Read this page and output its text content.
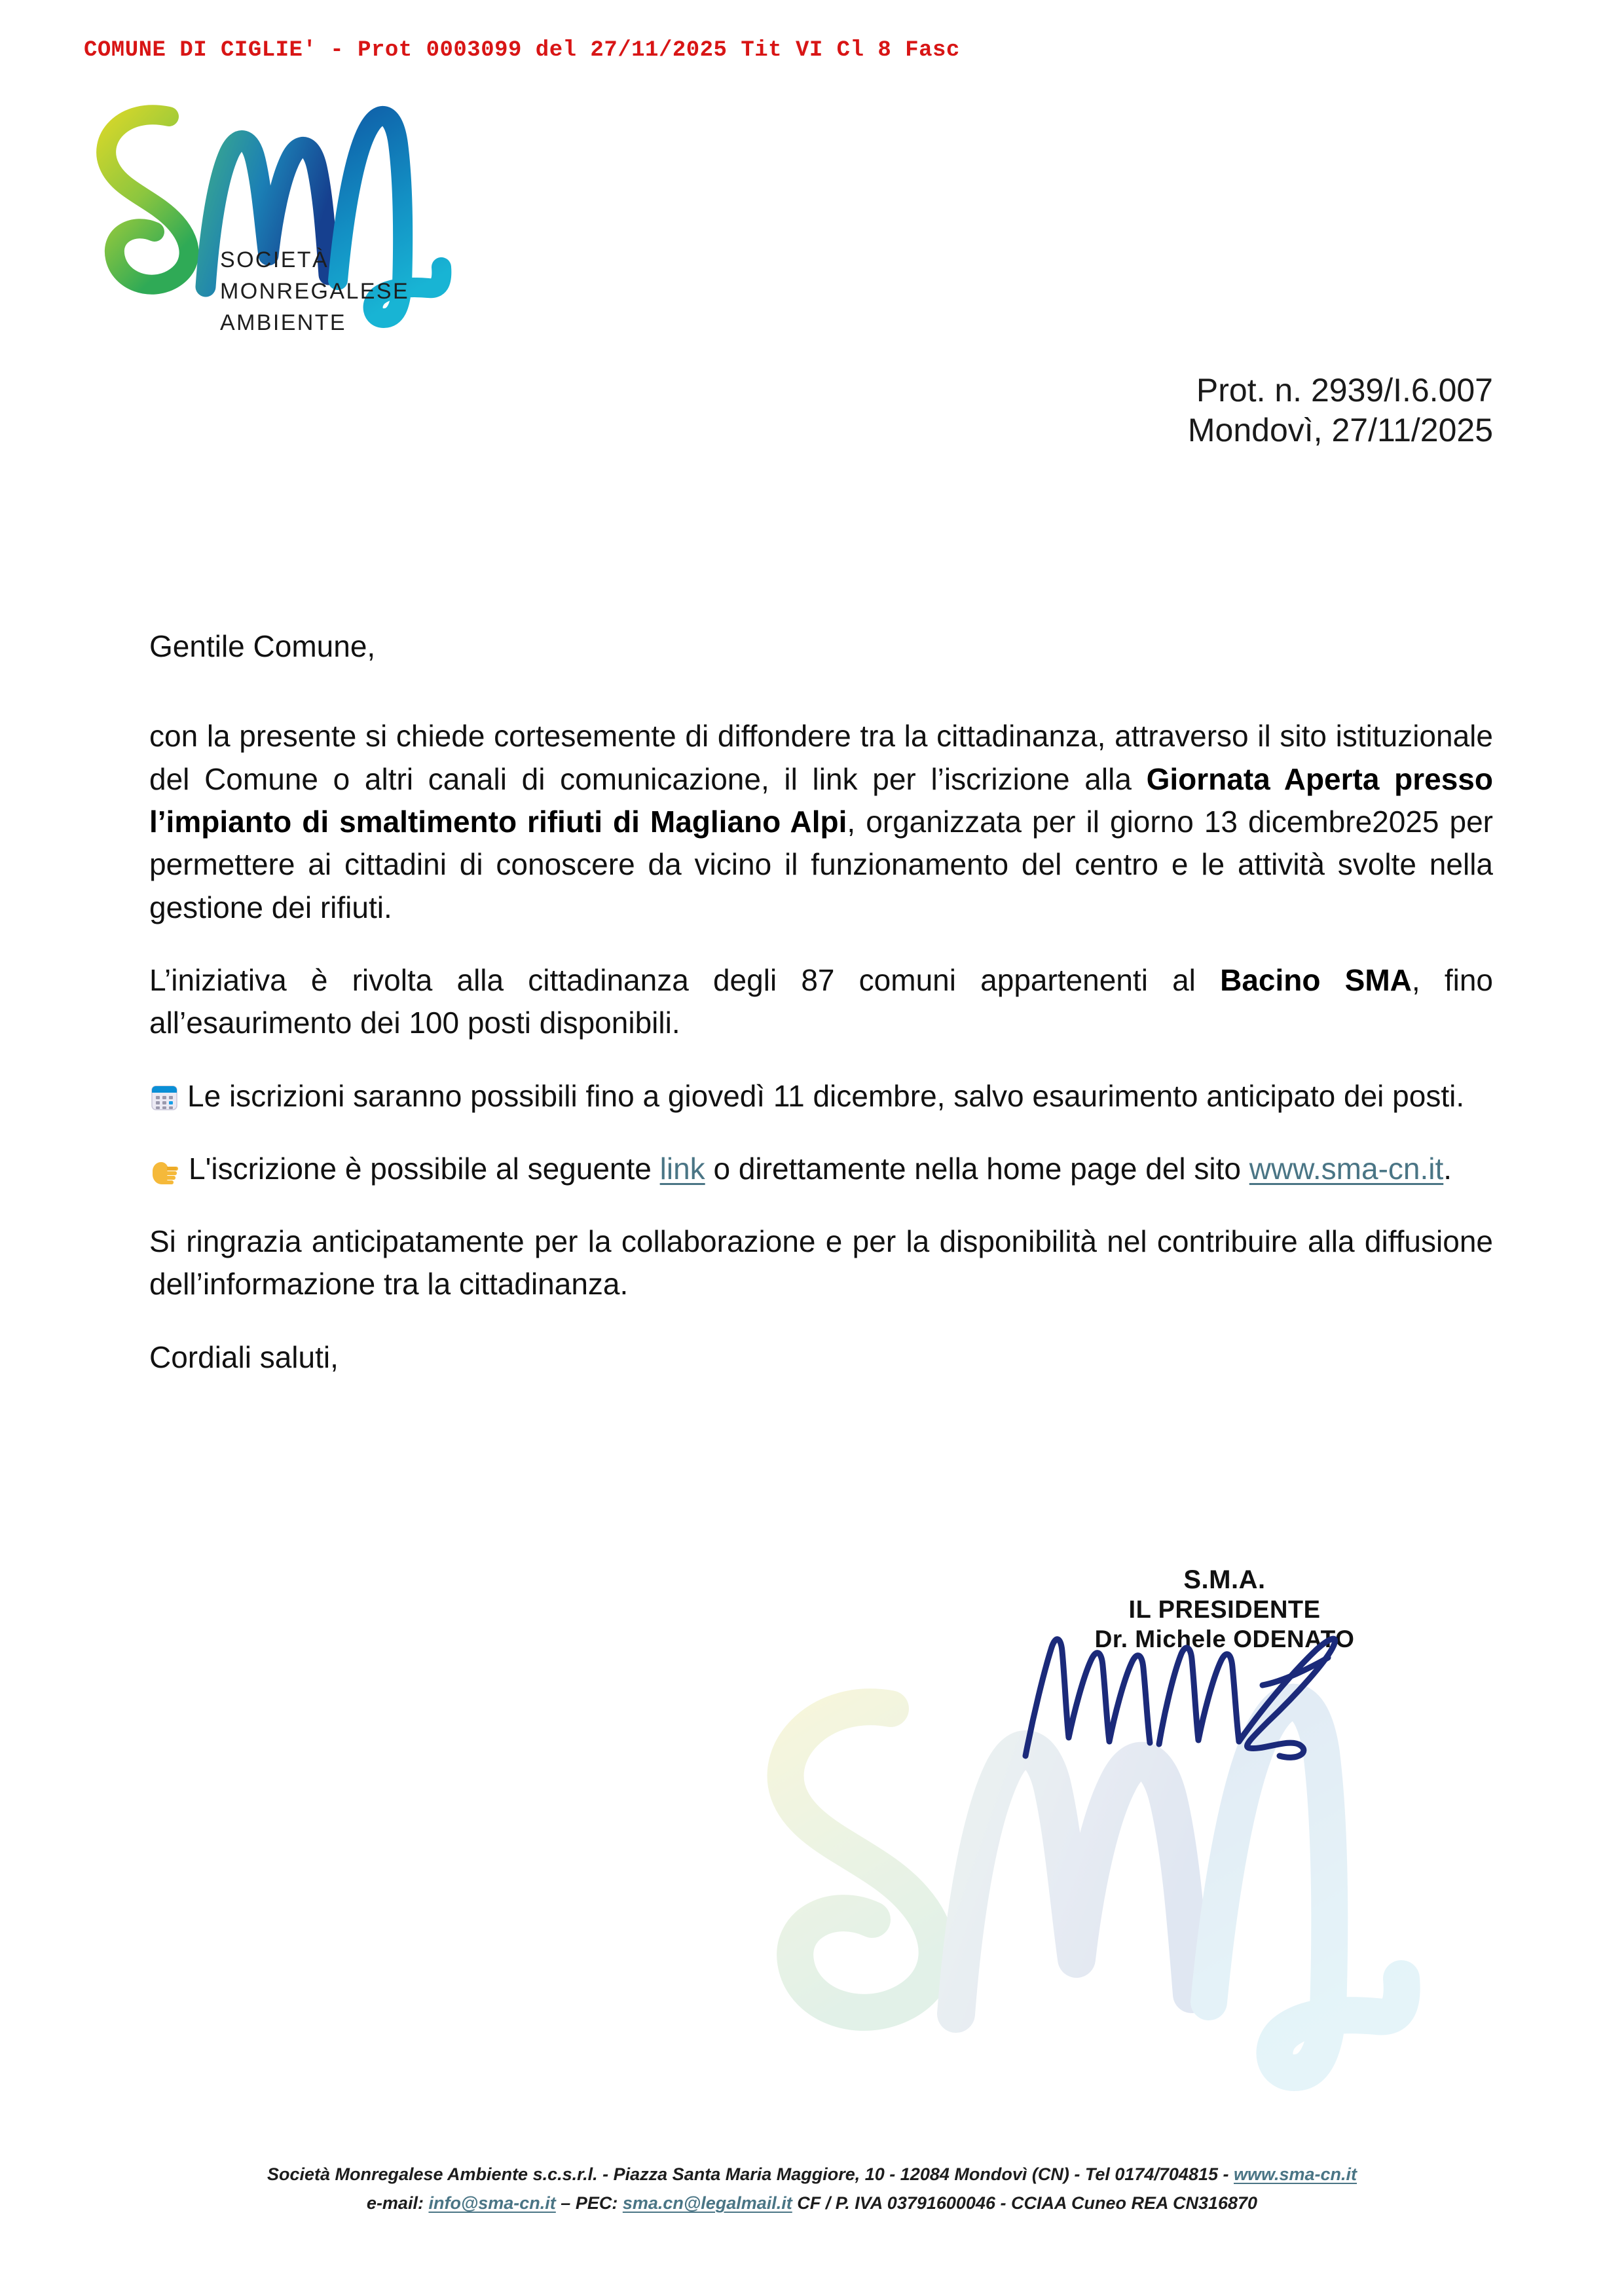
COMUNE DI CIGLIE' - Prot 0003099 del 27/11/2025 Tit VI Cl 8 Fasc
SOCIETÀ
MONREGALESE
AMBIENTE
Prot. n. 2939/I.6.007
Mondovì, 27/11/2025

Gentile Comune,

con la presente si chiede cortesemente di diffondere tra la cittadinanza, attraverso il sito istituzionale del Comune o altri canali di comunicazione, il link per l’iscrizione alla Giornata Aperta presso l’impianto di smaltimento rifiuti di Magliano Alpi, organizzata per il giorno 13 dicembre2025 per permettere ai cittadini di conoscere da vicino il funzionamento del centro e le attività svolte nella gestione dei rifiuti.

L’iniziativa è rivolta alla cittadinanza degli 87 comuni appartenenti al Bacino SMA, fino all’esaurimento dei 100 posti disponibili.

Le iscrizioni saranno possibili fino a giovedì 11 dicembre, salvo esaurimento anticipato dei posti.

L'iscrizione è possibile al seguente link o direttamente nella home page del sito www.sma-cn.it.

Si ringrazia anticipatamente per la collaborazione e per la disponibilità nel contribuire alla diffusione dell’informazione tra la cittadinanza.

Cordiali saluti,

S.M.A.
IL PRESIDENTE
Dr. Michele ODENATO
Società Monregalese Ambiente s.c.s.r.l. - Piazza Santa Maria Maggiore, 10 - 12084 Mondovì (CN) - Tel 0174/704815 - www.sma-cn.it
e-mail: info@sma-cn.it – PEC: sma.cn@legalmail.it CF / P. IVA 03791600046 - CCIAA Cuneo REA CN316870
